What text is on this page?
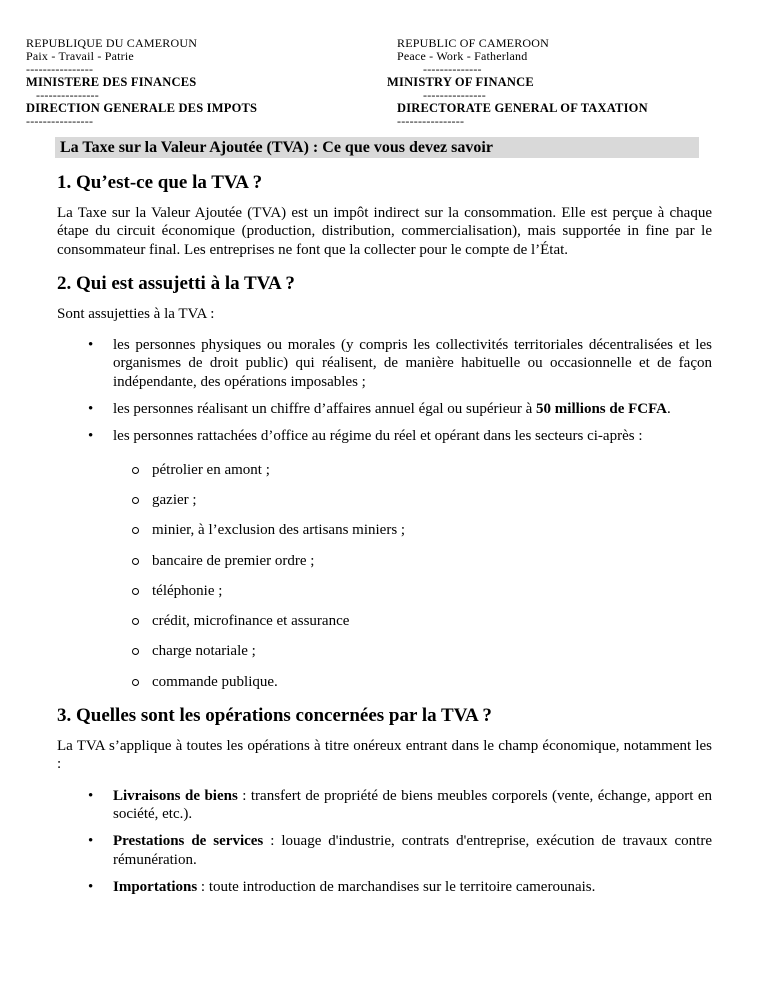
REPUBLIQUE DU CAMEROUN
Paix - Travail - Patrie
----------------
MINISTERE DES FINANCES
---------------
DIRECTION GENERALE DES IMPOTS
----------------
REPUBLIC OF CAMEROON
Peace - Work - Fatherland
--------------
MINISTRY OF FINANCE
---------------
DIRECTORATE GENERAL OF TAXATION
----------------
La Taxe sur la Valeur Ajoutée (TVA) : Ce que vous devez savoir
1. Qu’est-ce que la TVA ?

La Taxe sur la Valeur Ajoutée (TVA) est un impôt indirect sur la consommation. Elle est perçue à chaque étape du circuit économique (production, distribution, commercialisation), mais supportée in fine par le consommateur final. Les entreprises ne font que la collecter pour le compte de l’État.

2. Qui est assujetti à la TVA ?

Sont assujetties à la TVA :

• les personnes physiques ou morales (y compris les collectivités territoriales décentralisées et les organismes de droit public) qui réalisent, de manière habituelle ou occasionnelle et de façon indépendante, des opérations imposables ;
• les personnes réalisant un chiffre d’affaires annuel égal ou supérieur à 50 millions de FCFA.
• les personnes rattachées d’office au régime du réel et opérant dans les secteurs ci-après :
pétrolier en amont ;
gazier ;
minier, à l’exclusion des artisans miniers ;
bancaire de premier ordre ;
téléphonie ;
crédit, microfinance et assurance
charge notariale ;
commande publique.
3. Quelles sont les opérations concernées par la TVA ?

La TVA s’applique à toutes les opérations à titre onéreux entrant dans le champ économique, notamment les :

• Livraisons de biens : transfert de propriété de biens meubles corporels (vente, échange, apport en société, etc.).
• Prestations de services : louage d'industrie, contrats d'entreprise, exécution de travaux contre rémunération.
• Importations : toute introduction de marchandises sur le territoire camerounais.
